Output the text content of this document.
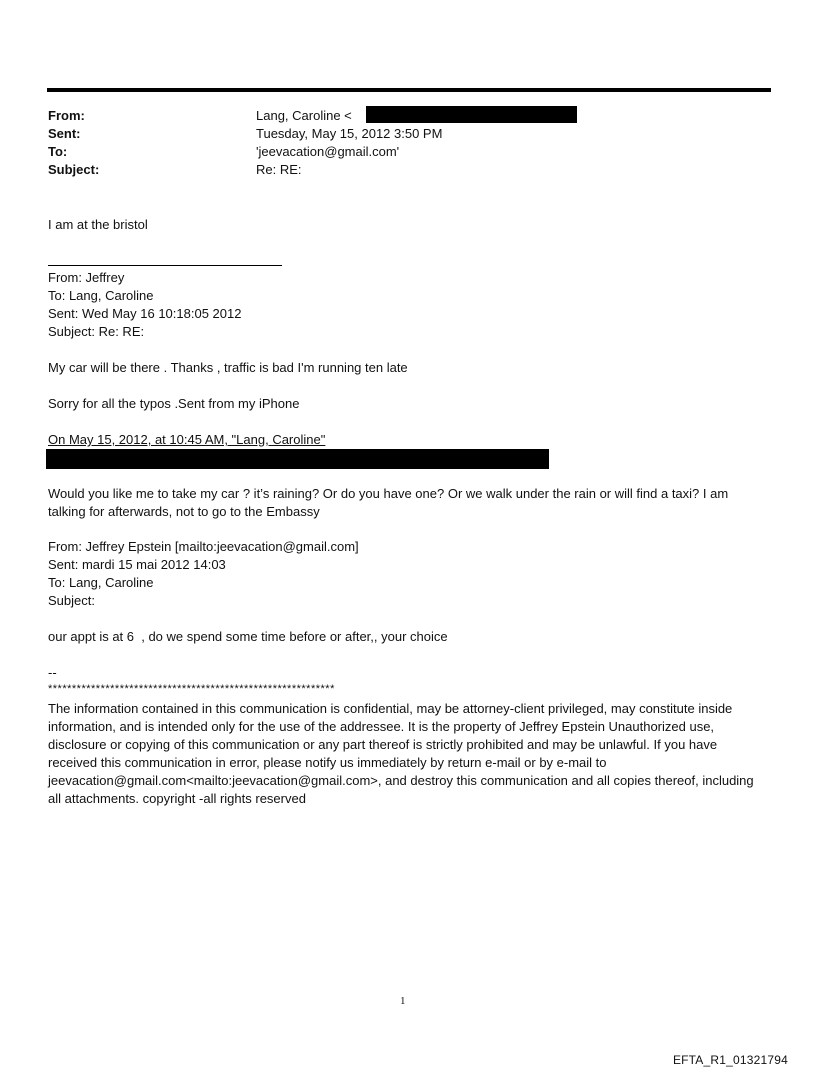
From:	Lang, Caroline <
Sent:	Tuesday, May 15, 2012 3:50 PM
To:	'jeevacation@gmail.com'
Subject:	Re: RE:
I am at the bristol
From: Jeffrey
To: Lang, Caroline
Sent: Wed May 16 10:18:05 2012
Subject: Re: RE:
My car will be there . Thanks , traffic is bad I'm running ten late
Sorry for all the typos .Sent from my iPhone
On May 15, 2012, at 10:45 AM, "Lang, Caroline"
Would you like me to take my car ? it’s raining? Or do you have one? Or we walk under the rain or will find a taxi? I am talking for afterwards, not to go to the Embassy
From: Jeffrey Epstein [mailto:jeevacation@gmail.com]
Sent: mardi 15 mai 2012 14:03
To: Lang, Caroline
Subject:
our appt is at 6  , do we spend some time before or after,, your choice
--
************************************************************
The information contained in this communication is confidential, may be attorney-client privileged, may constitute inside information, and is intended only for the use of the addressee. It is the property of Jeffrey Epstein Unauthorized use, disclosure or copying of this communication or any part thereof is strictly prohibited and may be unlawful. If you have received this communication in error, please notify us immediately by return e-mail or by e-mail to jeevacation@gmail.com<mailto:jeevacation@gmail.com>, and destroy this communication and all copies thereof, including all attachments. copyright -all rights reserved
1
EFTA_R1_01321794
